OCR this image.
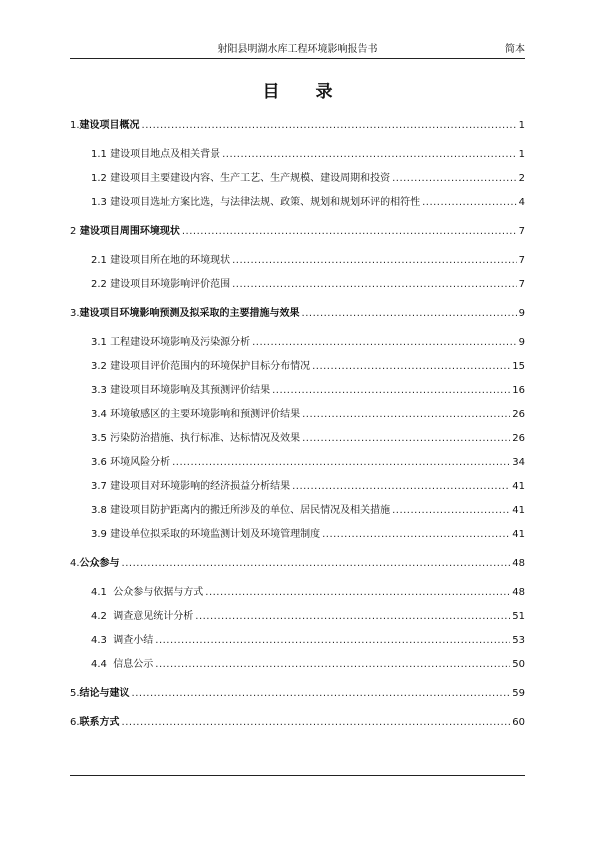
射阳县明湖水库工程环境影响报告书	简本
目录
1.建设项目概况 .....	1
1.1 建设项目地点及相关背景 .....	1
1.2 建设项目主要建设内容、生产工艺、生产规模、建设周期和投资 .....	2
1.3 建设项目选址方案比选，与法律法规、政策、规划和规划环评的相符性 .....	4
2 建设项目周围环境现状 .....	7
2.1 建设项目所在地的环境现状 .....	7
2.2 建设项目环境影响评价范围 .....	7
3.建设项目环境影响预测及拟采取的主要措施与效果 .....	9
3.1 工程建设环境影响及污染源分析 .....	9
3.2 建设项目评价范围内的环境保护目标分布情况 .....	15
3.3 建设项目环境影响及其预测评价结果 .....	16
3.4 环境敏感区的主要环境影响和预测评价结果 .....	26
3.5 污染防治措施、执行标准、达标情况及效果 .....	26
3.6 环境风险分析 .....	34
3.7 建设项目对环境影响的经济损益分析结果 .....	41
3.8 建设项目防护距离内的搬迁所涉及的单位、居民情况及相关措施 .....	41
3.9 建设单位拟采取的环境监测计划及环境管理制度 .....	41
4.公众参与 .....	48
4.1 公众参与依据与方式 .....	48
4.2 调查意见统计分析 .....	51
4.3 调查小结 .....	53
4.4 信息公示 .....	50
5.结论与建议 .....	59
6.联系方式 .....	60
